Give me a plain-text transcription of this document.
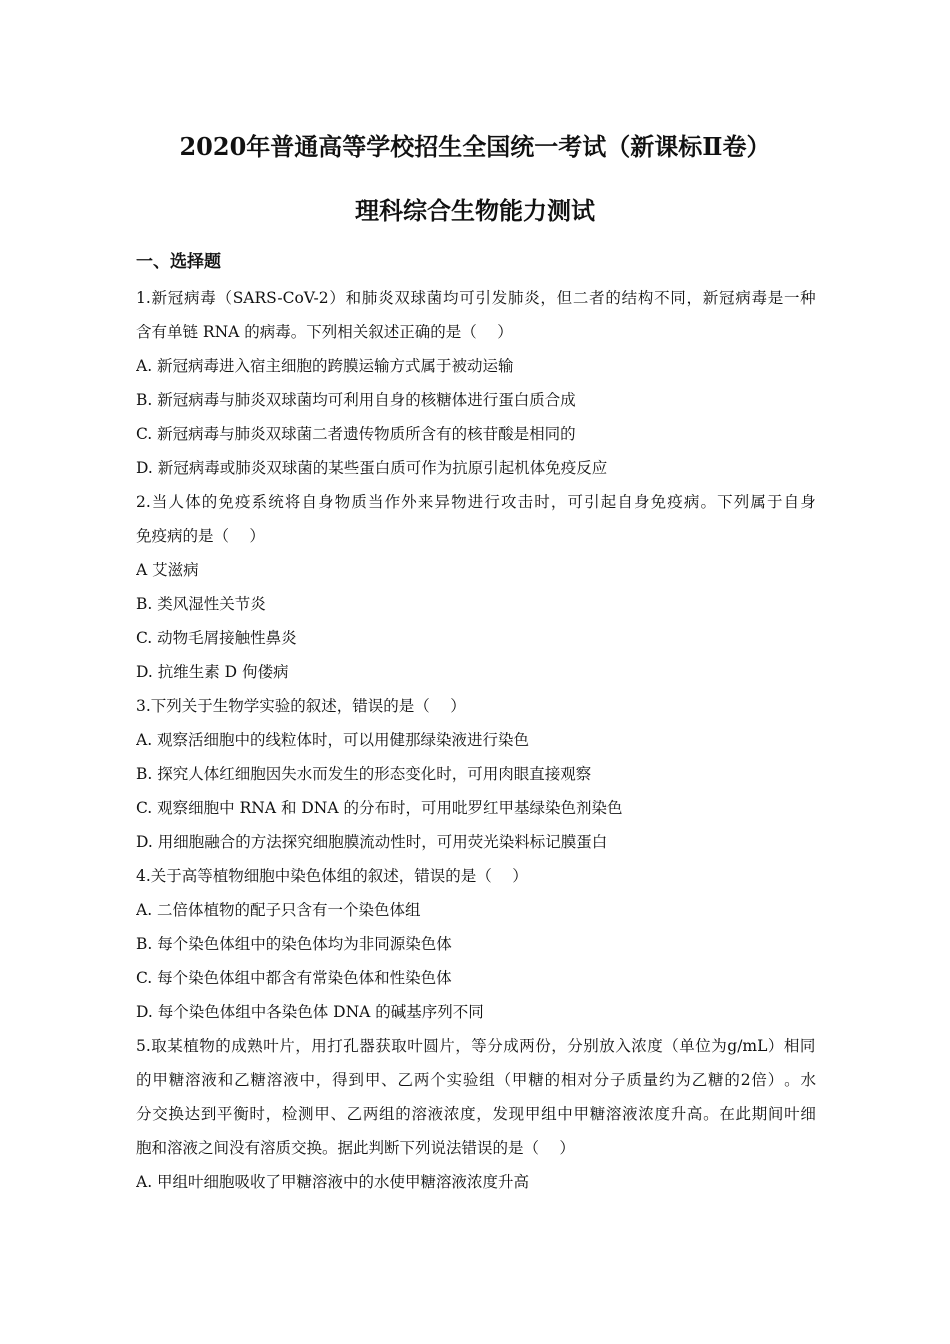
2020年普通高等学校招生全国统一考试（新课标Ⅱ卷）
理科综合生物能力测试
一、选择题
1. 新 冠 病 毒 （ SARS-CoV-2 ） 和 肺 炎 双 球 菌 均 可 引 发 肺 炎 ， 但 二 者 的 结 构 不 同 ， 新 冠 病 毒 是 一 种
含有单链 RNA 的病毒。下列相关叙述正确的是（　 ）
A. 新冠病毒进入宿主细胞的跨膜运输方式属于被动运输
B. 新冠病毒与肺炎双球菌均可利用自身的核糖体进行蛋白质合成
C. 新冠病毒与肺炎双球菌二者遗传物质所含有的核苷酸是相同的
D. 新冠病毒或肺炎双球菌的某些蛋白质可作为抗原引起机体免疫反应
2. 当 人 体 的 免 疫 系 统 将 自 身 物 质 当 作 外 来 异 物 进 行 攻 击 时 ， 可 引 起 自 身 免 疫 病 。 下 列 属 于 自 身
免疫病的是（　 ）
A 艾滋病
B. 类风湿性关节炎
C. 动物毛屑接触性鼻炎
D. 抗维生素 D 佝偻病
3.下列关于生物学实验的叙述，错误的是（　 ）
A. 观察活细胞中的线粒体时，可以用健那绿染液进行染色
B. 探究人体红细胞因失水而发生的形态变化时，可用肉眼直接观察
C. 观察细胞中 RNA 和 DNA 的分布时，可用吡罗红甲基绿染色剂染色
D. 用细胞融合的方法探究细胞膜流动性时，可用荧光染料标记膜蛋白
4.关于高等植物细胞中染色体组的叙述，错误的是（　 ）
A. 二倍体植物的配子只含有一个染色体组
B. 每个染色体组中的染色体均为非同源染色体
C. 每个染色体组中都含有常染色体和性染色体
D. 每个染色体组中各染色体 DNA 的碱基序列不同
5. 取 某 植 物 的 成 熟 叶 片 ， 用 打 孔 器 获 取 叶 圆 片 ， 等 分 成 两 份 ， 分 别 放 入 浓 度 （ 单 位 为 g/mL ） 相 同
的 甲 糖 溶 液 和 乙 糖 溶 液 中 ， 得 到 甲 、 乙 两 个 实 验 组 （ 甲 糖 的 相 对 分 子 质 量 约 为 乙 糖 的 2 倍 ） 。 水
分 交 换 达 到 平 衡 时 ， 检 测 甲 、 乙 两 组 的 溶 液 浓 度 ， 发 现 甲 组 中 甲 糖 溶 液 浓 度 升 高 。 在 此 期 间 叶 细
胞和溶液之间没有溶质交换。据此判断下列说法错误的是（　 ）
A. 甲组叶细胞吸收了甲糖溶液中的水使甲糖溶液浓度升高
